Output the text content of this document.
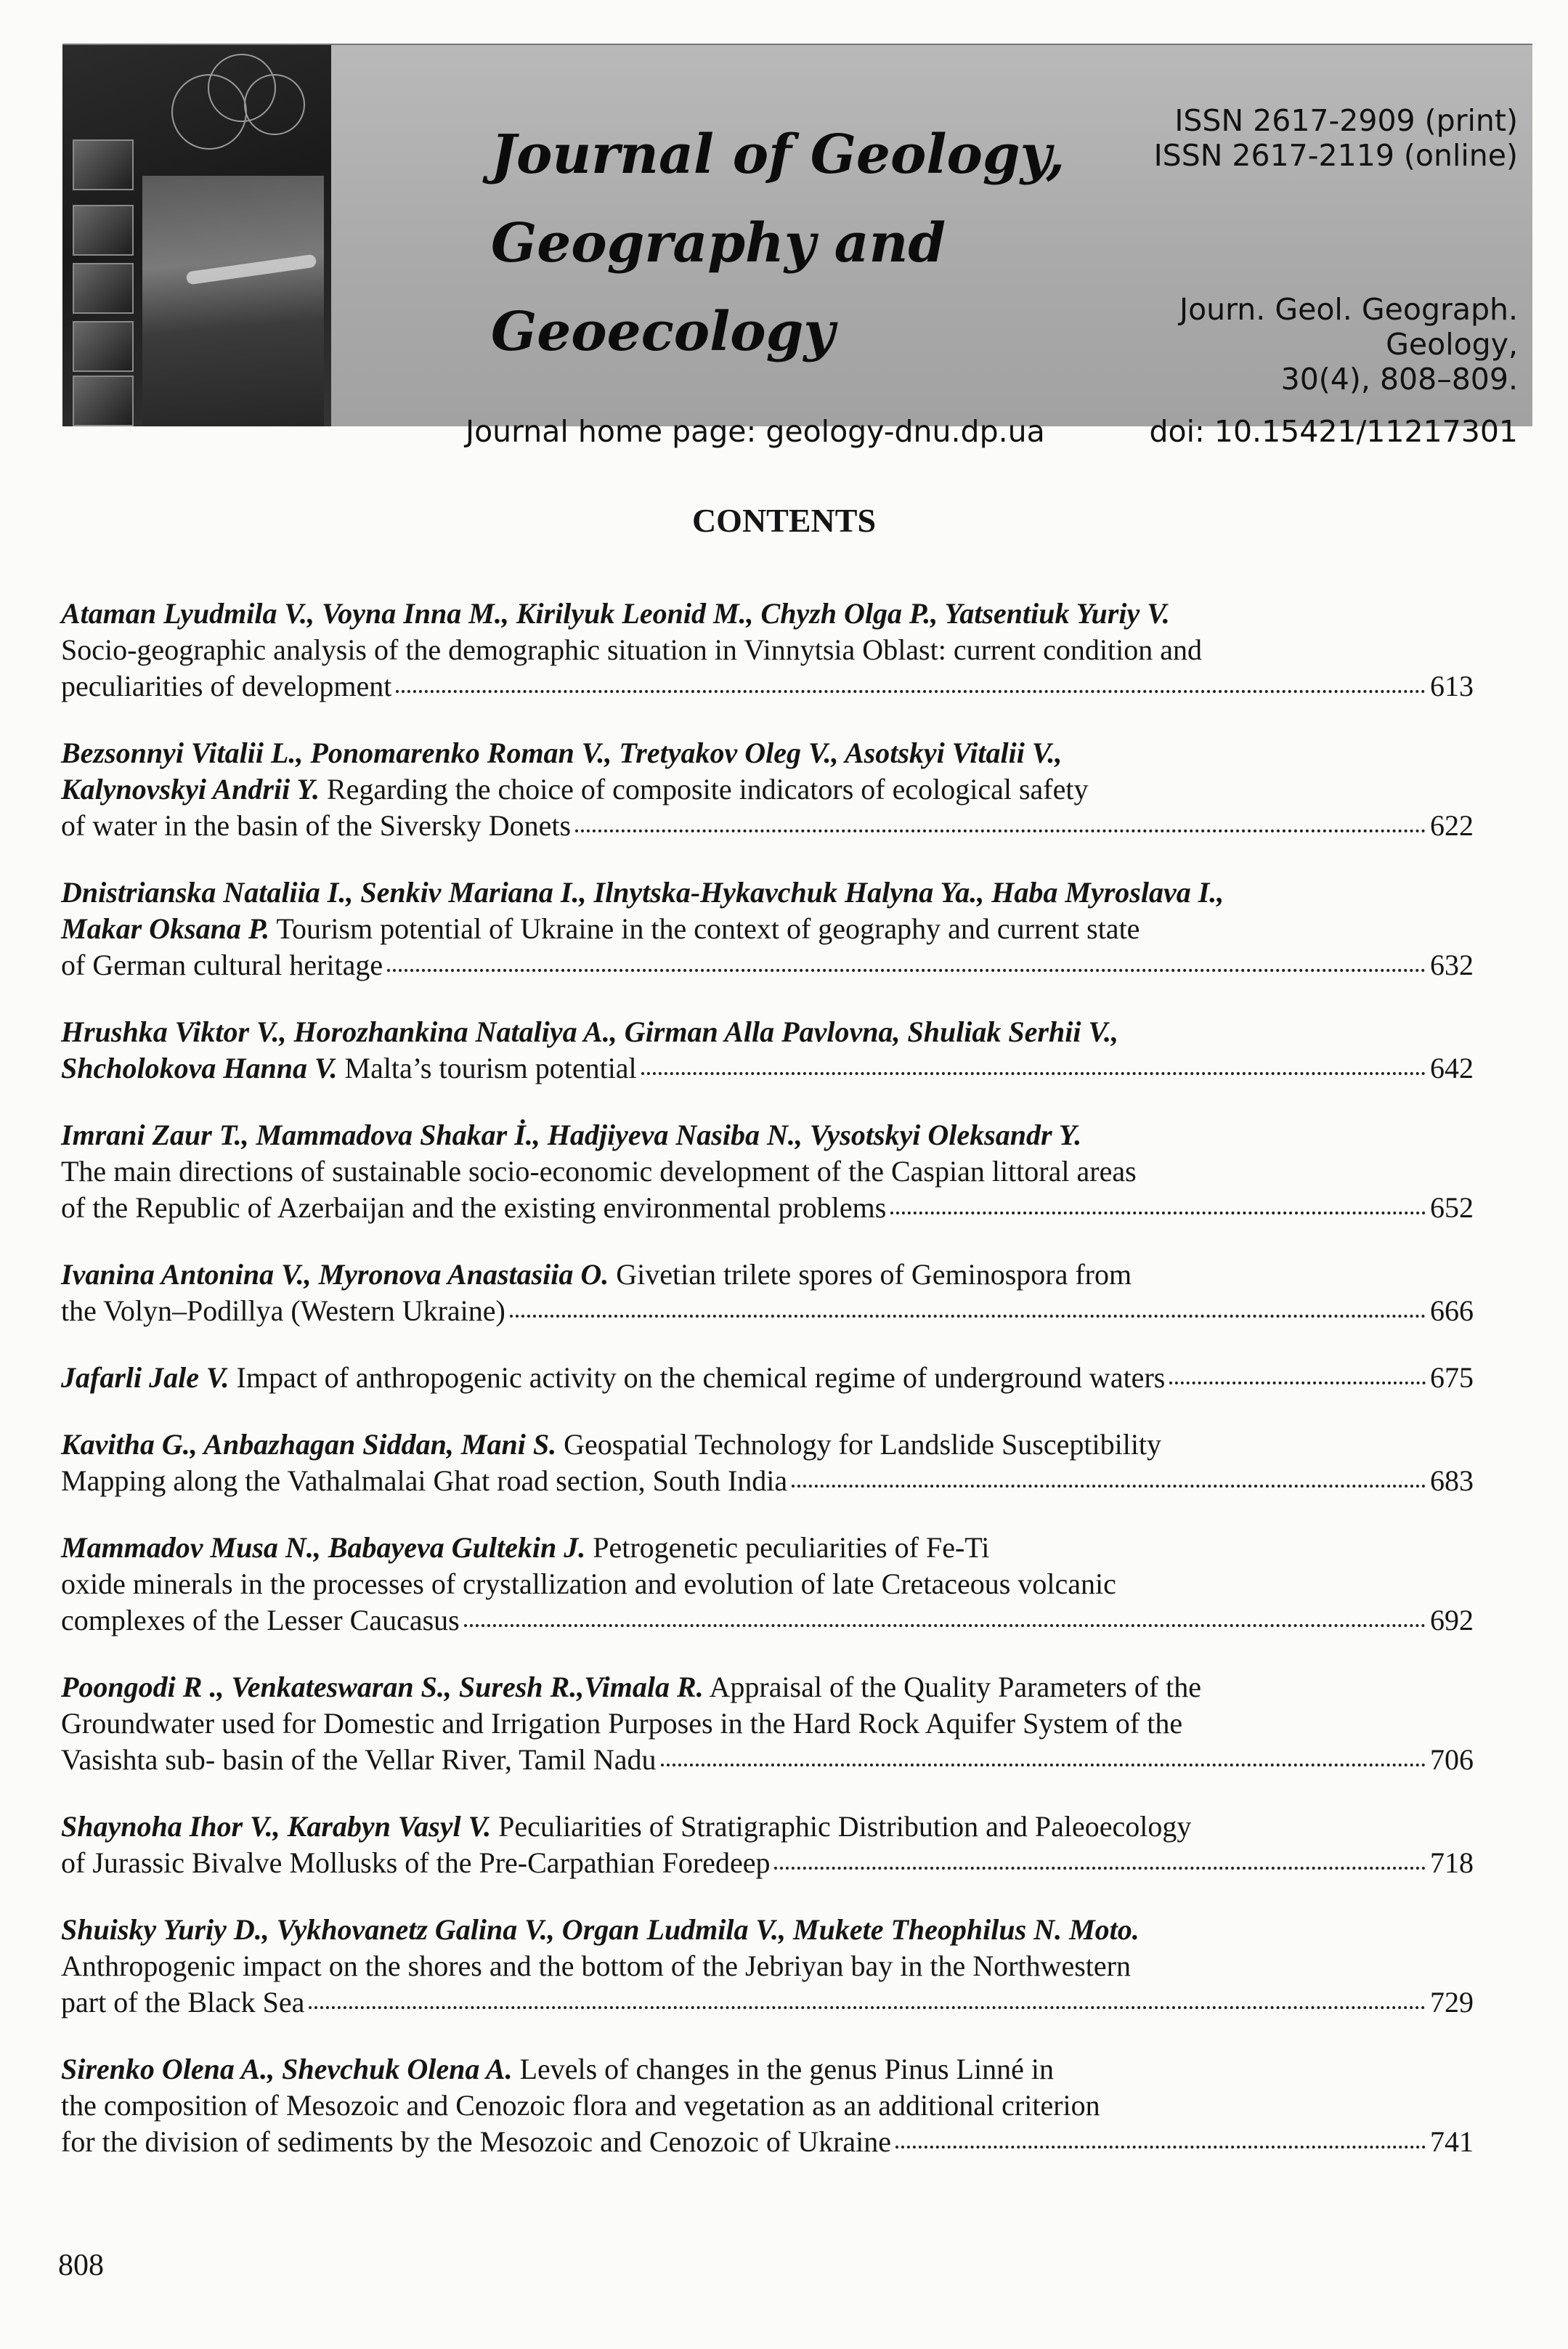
Journal of Geology,
Geography and
Geoecology
Journal home page: geology-dnu.dp.ua
ISSN 2617-2909 (print)
ISSN 2617-2119 (online)
Journ. Geol. Geograph.
Geology,
30(4), 808–809.
doi: 10.15421/11217301
CONTENTS
Ataman Lyudmila V., Voyna Inna M., Kirilyuk Leonid M., Chyzh Olga P., Yatsentiuk Yuriy V.
Socio-geographic analysis of the demographic situation in Vinnytsia Oblast: current condition and
peculiarities of development	613
Bezsonnyi Vitalii L., Ponomarenko Roman V., Tretyakov Oleg V., Asotskyi Vitalii V.,
Kalynovskyi Andrii Y. Regarding the choice of composite indicators of ecological safety
of water in the basin of the Siversky Donets	622
Dnistrianska Nataliia I., Senkiv Mariana I., Ilnytska-Hykavchuk Halyna Ya., Haba Myroslava I.,
Makar Oksana P. Tourism potential of Ukraine in the context of geography and current state
of German cultural heritage	632
Hrushka Viktor V., Horozhankina Nataliya A., Girman Alla Pavlovna, Shuliak Serhii V.,
Shcholokova Hanna V. Malta’s tourism potential	642
Imrani Zaur T., Mammadova Shakar İ., Hadjiyeva Nasiba N., Vysotskyi Oleksandr Y.
The main directions of sustainable socio-economic development of the Caspian littoral areas
of the Republic of Azerbaijan and the existing environmental problems	652
Ivanina Antonina V., Myronova Anastasiia O. Givetian trilete spores of Geminospora from
the Volyn–Podillya (Western Ukraine)	666
Jafarli Jale V. Impact of anthropogenic activity on the chemical regime of underground waters	675
Kavitha G., Anbazhagan Siddan, Mani S. Geospatial Technology for Landslide Susceptibility
Mapping along the Vathalmalai Ghat road section, South India	683
Mammadov Musa N., Babayeva Gultekin J. Petrogenetic peculiarities of Fe-Ti
oxide minerals in the processes of crystallization and evolution of late Cretaceous volcanic
complexes of the Lesser Caucasus	692
Poongodi R ., Venkateswaran S., Suresh R.,Vimala R. Appraisal of the Quality Parameters of the
Groundwater used for Domestic and Irrigation Purposes in the Hard Rock Aquifer System of the
Vasishta sub- basin of the Vellar River, Tamil Nadu	706
Shaynoha Ihor V., Karabyn Vasyl V. Peculiarities of Stratigraphic Distribution and Paleoecology
of Jurassic Bivalve Mollusks of the Pre-Carpathian Foredeep	718
Shuisky Yuriy D., Vykhovanetz Galina V., Organ Ludmila V., Mukete Theophilus N. Moto.
Anthropogenic impact on the shores and the bottom of the Jebriyan bay in the Northwestern
part of the Black Sea	729
Sirenko Olena A., Shevchuk Olena A. Levels of changes in the genus Pinus Linné in
the composition of Mesozoic and Cenozoic flora and vegetation as an additional criterion
for the division of sediments by the Mesozoic and Cenozoic of Ukraine	741
808
